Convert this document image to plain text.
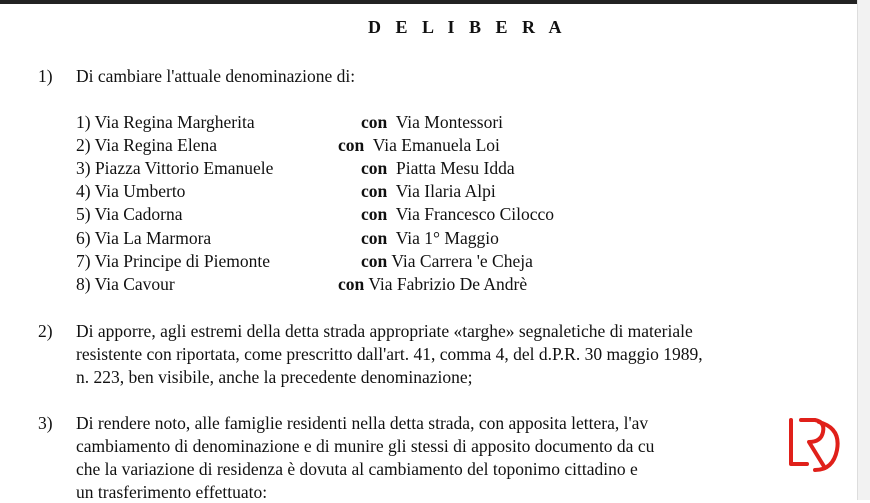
D E L I B E R A
1) Di cambiare l'attuale denominazione di:
1) Via Regina Margherita	con Via Montessori
2) Via Regina Elena	con Via Emanuela Loi
3) Piazza Vittorio Emanuele	con Piatta Mesu Idda
4) Via Umberto	con Via Ilaria Alpi
5) Via Cadorna	con Via Francesco Cilocco
6) Via La Marmora	con Via 1° Maggio
7) Via Principe di Piemonte	con Via Carrera 'e Cheja
8) Via Cavour	con Via Fabrizio De Andrè
2) Di apporre, agli estremi della detta strada appropriate «targhe» segnaletiche di materiale
resistente con riportata, come prescritto dall'art. 41, comma 4, del d.P.R. 30 maggio 1989,
n. 223, ben visibile, anche la precedente denominazione;
3) Di rendere noto, alle famiglie residenti nella detta strada, con apposita lettera, l'av
cambiamento di denominazione e di munire gli stessi di apposito documento da cu
che la variazione di residenza è dovuta al cambiamento del toponimo cittadino e
un trasferimento effettuato:
